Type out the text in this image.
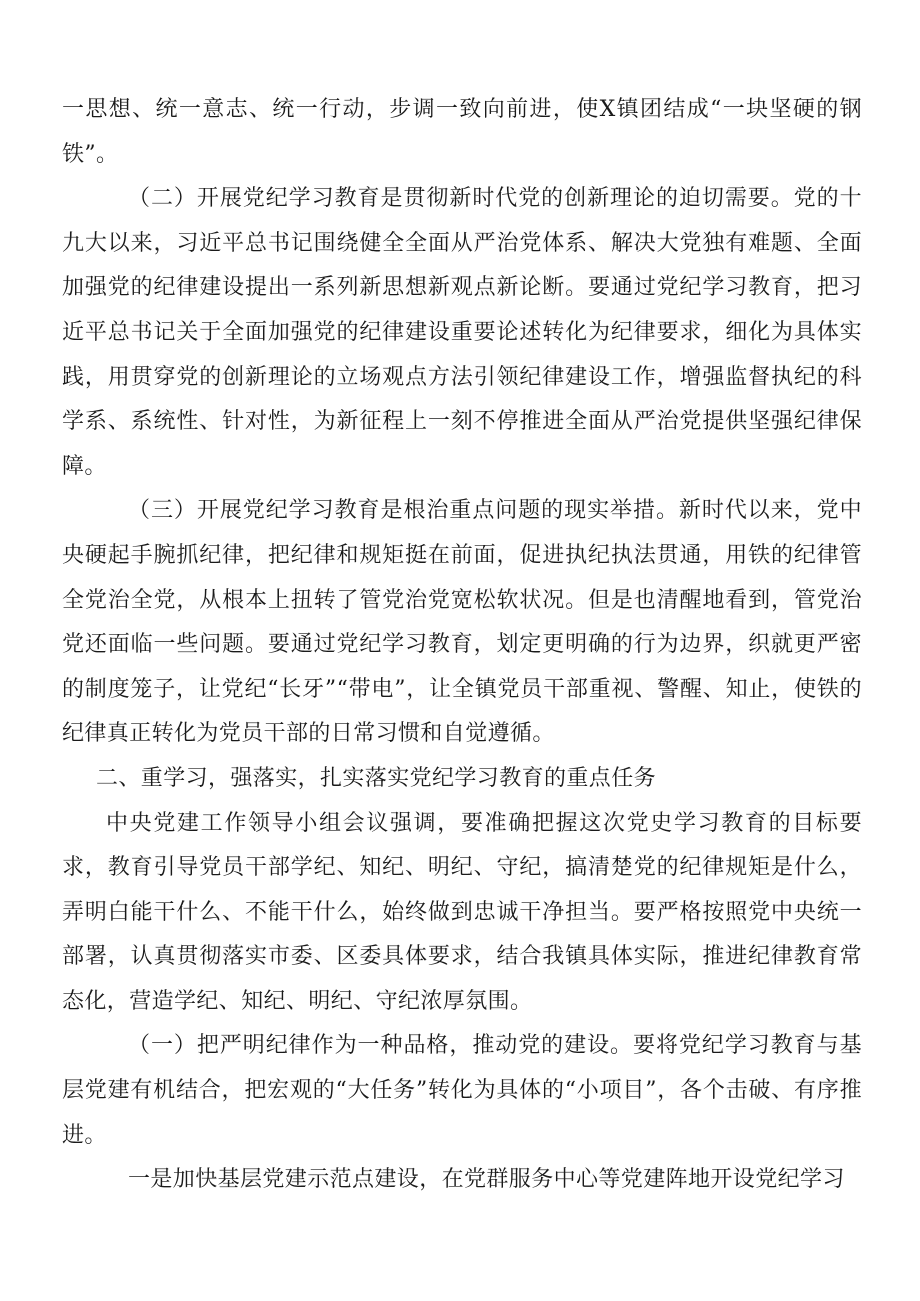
一思想、统一意志、统一行动，步调一致向前进，使X镇团结成“一块坚硬的钢铁”。

（二）开展党纪学习教育是贯彻新时代党的创新理论的迫切需要。党的十九大以来，习近平总书记围绕健全全面从严治党体系、解决大党独有难题、全面加强党的纪律建设提出一系列新思想新观点新论断。要通过党纪学习教育，把习近平总书记关于全面加强党的纪律建设重要论述转化为纪律要求，细化为具体实践，用贯穿党的创新理论的立场观点方法引领纪律建设工作，增强监督执纪的科学系、系统性、针对性，为新征程上一刻不停推进全面从严治党提供坚强纪律保障。

（三）开展党纪学习教育是根治重点问题的现实举措。新时代以来，党中央硬起手腕抓纪律，把纪律和规矩挺在前面，促进执纪执法贯通，用铁的纪律管全党治全党，从根本上扭转了管党治党宽松软状况。但是也清醒地看到，管党治党还面临一些问题。要通过党纪学习教育，划定更明确的行为边界，织就更严密的制度笼子，让党纪“长牙”“带电”，让全镇党员干部重视、警醒、知止，使铁的纪律真正转化为党员干部的日常习惯和自觉遵循。

二、重学习，强落实，扎实落实党纪学习教育的重点任务

中央党建工作领导小组会议强调，要准确把握这次党史学习教育的目标要求，教育引导党员干部学纪、知纪、明纪、守纪，搞清楚党的纪律规矩是什么，弄明白能干什么、不能干什么，始终做到忠诚干净担当。要严格按照党中央统一部署，认真贯彻落实市委、区委具体要求，结合我镇具体实际，推进纪律教育常态化，营造学纪、知纪、明纪、守纪浓厚氛围。

（一）把严明纪律作为一种品格，推动党的建设。要将党纪学习教育与基层党建有机结合，把宏观的“大任务”转化为具体的“小项目”，各个击破、有序推进。

一是加快基层党建示范点建设，在党群服务中心等党建阵地开设党纪学习
